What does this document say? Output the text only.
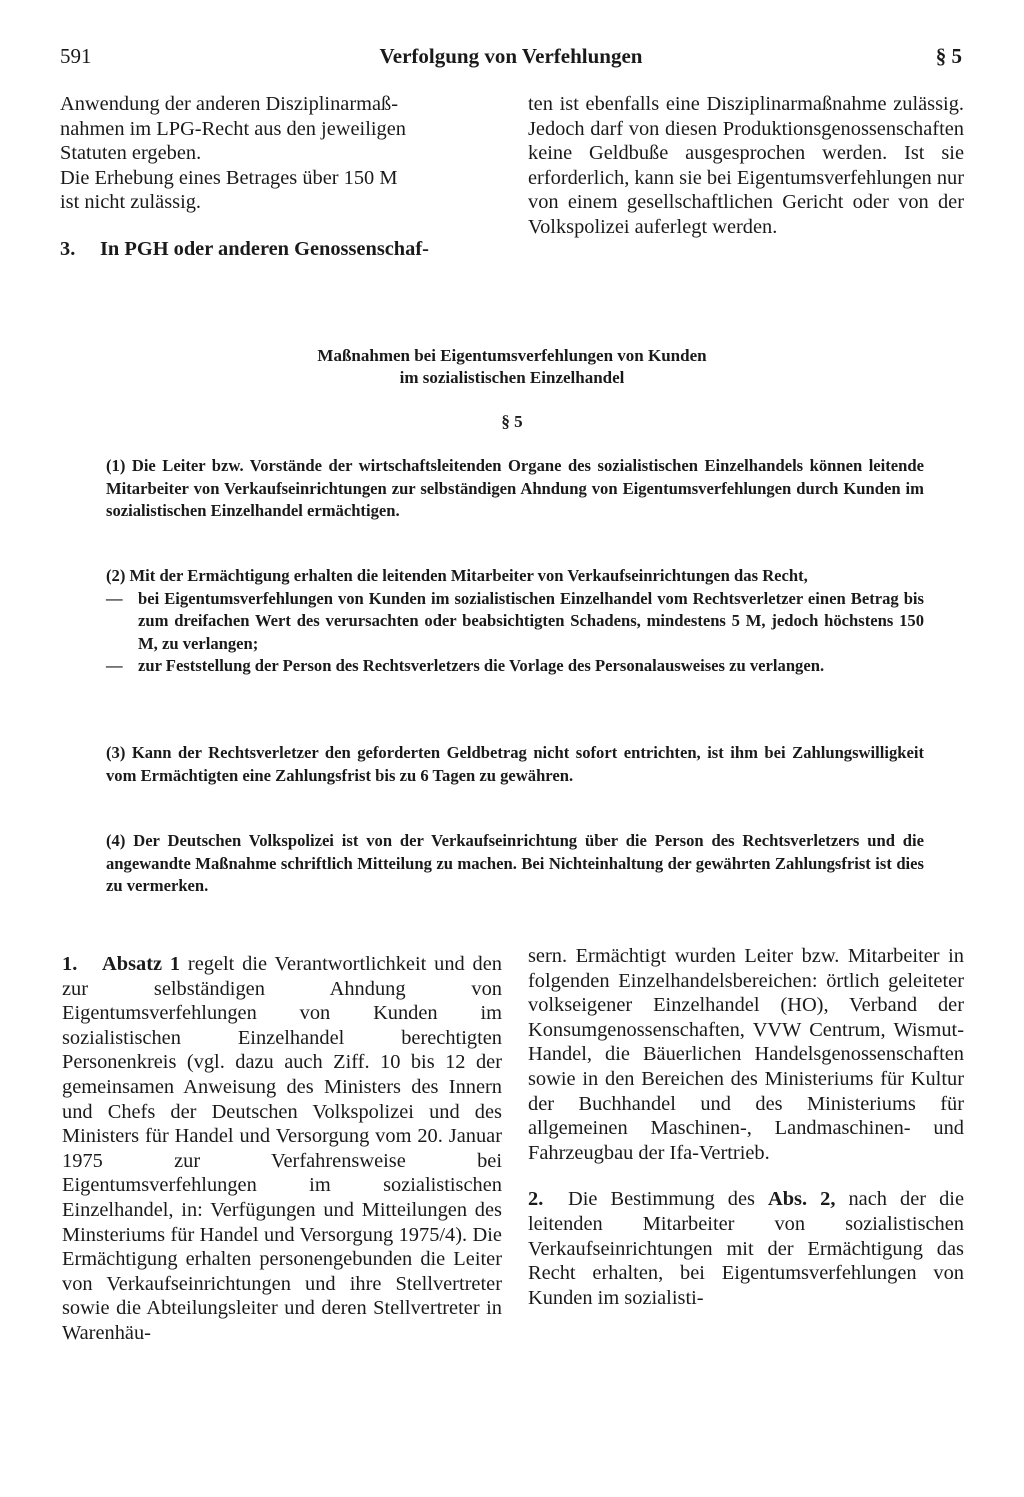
591	Verfolgung von Verfehlungen	§ 5
Anwendung der anderen Disziplinarmaß-
nahmen im LPG-Recht aus den jeweiligen
Statuten ergeben.
Die Erhebung eines Betrages über 150 M
ist nicht zulässig.

3. In PGH oder anderen Genossenschaf-

ten ist ebenfalls eine Disziplinarmaßnahme zulässig. Jedoch darf von diesen Produktionsgenossenschaften keine Geldbuße ausgesprochen werden. Ist sie erforderlich, kann sie bei Eigentumsverfehlungen nur von einem gesellschaftlichen Gericht oder von der Volkspolizei auferlegt werden.

Maßnahmen bei Eigentumsverfehlungen von Kunden
im sozialistischen Einzelhandel
§ 5

(1) Die Leiter bzw. Vorstände der wirtschaftsleitenden Organe des sozialistischen Einzelhandels können leitende Mitarbeiter von Verkaufseinrichtungen zur selbständigen Ahndung von Eigentumsverfehlungen durch Kunden im sozialistischen Einzelhandel ermächtigen.

(2) Mit der Ermächtigung erhalten die leitenden Mitarbeiter von Verkaufseinrichtungen das Recht,

— bei Eigentumsverfehlungen von Kunden im sozialistischen Einzelhandel vom Rechtsverletzer einen Betrag bis zum dreifachen Wert des verursachten oder beabsichtigten Schadens, mindestens 5 M, jedoch höchstens 150 M, zu verlangen;
— zur Feststellung der Person des Rechtsverletzers die Vorlage des Personalausweises zu verlangen.

(3) Kann der Rechtsverletzer den geforderten Geldbetrag nicht sofort entrichten, ist ihm bei Zahlungswilligkeit vom Ermächtigten eine Zahlungsfrist bis zu 6 Tagen zu gewähren.

(4) Der Deutschen Volkspolizei ist von der Verkaufseinrichtung über die Person des Rechtsverletzers und die angewandte Maßnahme schriftlich Mitteilung zu machen. Bei Nichteinhaltung der gewährten Zahlungsfrist ist dies zu vermerken.

1. Absatz 1 regelt die Verantwortlichkeit und den zur selbständigen Ahndung von Eigentumsverfehlungen von Kunden im sozialistischen Einzelhandel berechtigten Personenkreis (vgl. dazu auch Ziff. 10 bis 12 der gemeinsamen Anweisung des Ministers des Innern und Chefs der Deutschen Volkspolizei und des Ministers für Handel und Versorgung vom 20. Januar 1975 zur Verfahrensweise bei Eigentumsverfehlungen im sozialistischen Einzelhandel, in: Verfügungen und Mitteilungen des Minsteriums für Handel und Versorgung 1975/4). Die Ermächtigung erhalten personengebunden die Leiter von Verkaufseinrichtungen und ihre Stellvertreter sowie die Abteilungsleiter und deren Stellvertreter in Warenhäu-

sern. Ermächtigt wurden Leiter bzw. Mitarbeiter in folgenden Einzelhandelsbereichen: örtlich geleiteter volkseigener Einzelhandel (HO), Verband der Konsumgenossenschaften, VVW Centrum, Wismut-Handel, die Bäuerlichen Handelsgenossenschaften sowie in den Bereichen des Ministeriums für Kultur der Buchhandel und des Ministeriums für allgemeinen Maschinen-, Landmaschinen- und Fahrzeugbau der Ifa-Vertrieb.

2. Die Bestimmung des Abs. 2, nach der die leitenden Mitarbeiter von sozialistischen Verkaufseinrichtungen mit der Ermächtigung das Recht erhalten, bei Eigentumsverfehlungen von Kunden im sozialisti-
